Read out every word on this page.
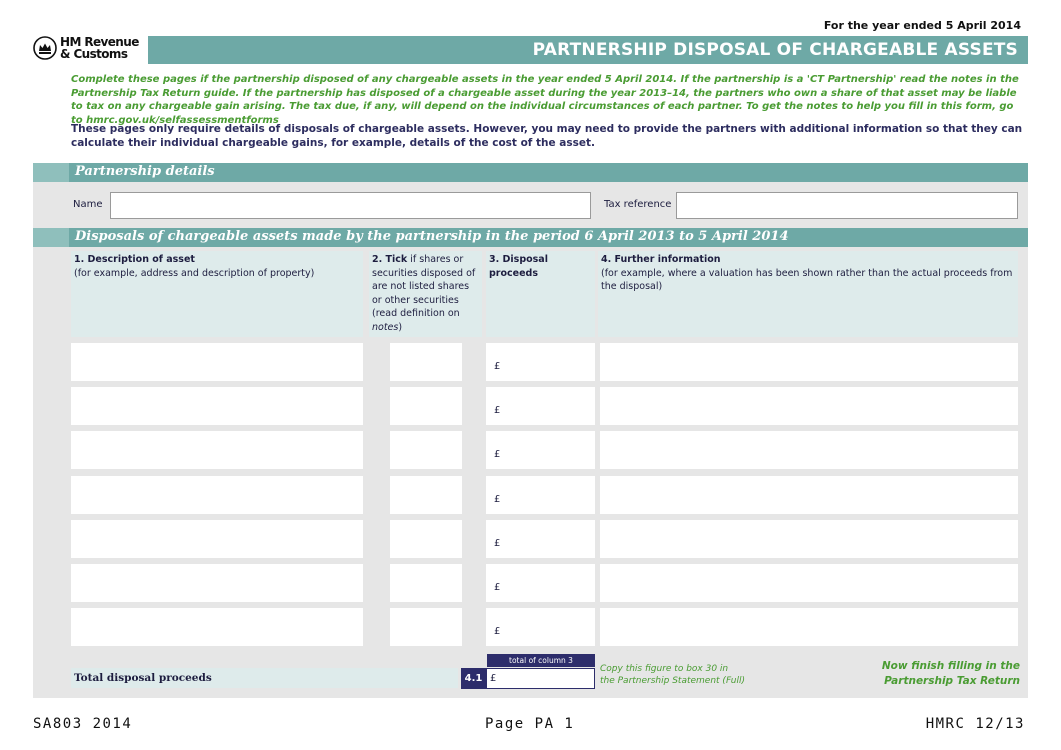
For the year ended 5 April 2014
HM Revenue
& Customs	PARTNERSHIP DISPOSAL OF CHARGEABLE ASSETS
Complete these pages if the partnership disposed of any chargeable assets in the year ended 5 April 2014. If the partnership is a 'CT Partnership' read the notes in the Partnership Tax Return guide. If the partnership has disposed of a chargeable asset during the year 2013–14, the partners who own a share of that asset may be liable to tax on any chargeable gain arising. The tax due, if any, will depend on the individual circumstances of each partner. To get the notes to help you fill in this form, go to hmrc.gov.uk/selfassessmentforms
These pages only require details of disposals of chargeable assets. However, you may need to provide the partners with additional information so that they can calculate their individual chargeable gains, for example, details of the cost of the asset.
Partnership details
Name	Tax reference
Disposals of chargeable assets made by the partnership in the period 6 April 2013 to 5 April 2014
1. Description of asset
(for example, address and description of property)
2. Tick if shares or securities disposed of are not listed shares or other securities (read definition on notes)
3. Disposal proceeds
4. Further information
(for example, where a valuation has been shown rather than the actual proceeds from the disposal)
£
£
£
£
£
£
£
Total disposal proceeds
total of column 3
4.1 £
Copy this figure to box 30 in
the Partnership Statement (Full)
Now finish filling in the
Partnership Tax Return
SA803 2014	Page PA 1	HMRC 12/13
